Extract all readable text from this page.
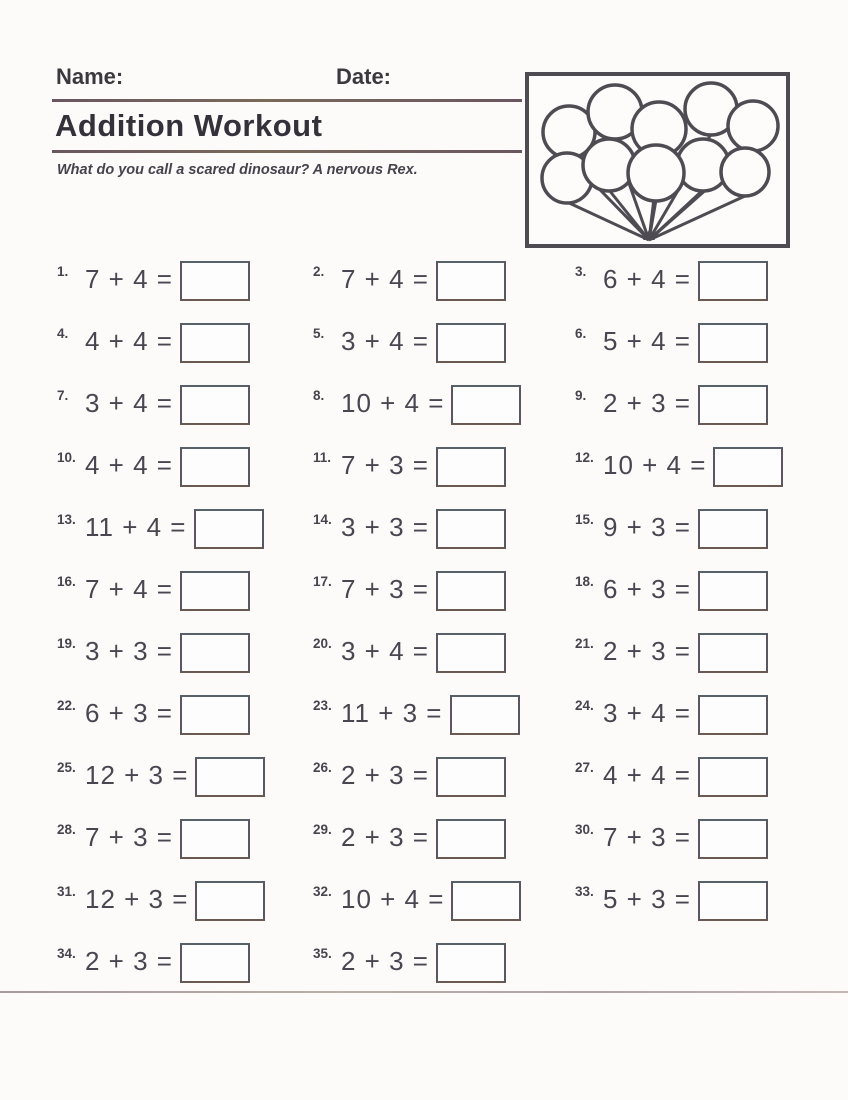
Name:	Date:
Addition Workout
What do you call a scared dinosaur? A nervous Rex.
1. 7 + 4 =	2. 7 + 4 =	3. 6 + 4 =
4. 4 + 4 =	5. 3 + 4 =	6. 5 + 4 =
7. 3 + 4 =	8. 10 + 4 =	9. 2 + 3 =
10. 4 + 4 =	11. 7 + 3 =	12. 10 + 4 =
13. 11 + 4 =	14. 3 + 3 =	15. 9 + 3 =
16. 7 + 4 =	17. 7 + 3 =	18. 6 + 3 =
19. 3 + 3 =	20. 3 + 4 =	21. 2 + 3 =
22. 6 + 3 =	23. 11 + 3 =	24. 3 + 4 =
25. 12 + 3 =	26. 2 + 3 =	27. 4 + 4 =
28. 7 + 3 =	29. 2 + 3 =	30. 7 + 3 =
31. 12 + 3 =	32. 10 + 4 =	33. 5 + 3 =
34. 2 + 3 =	35. 2 + 3 =
